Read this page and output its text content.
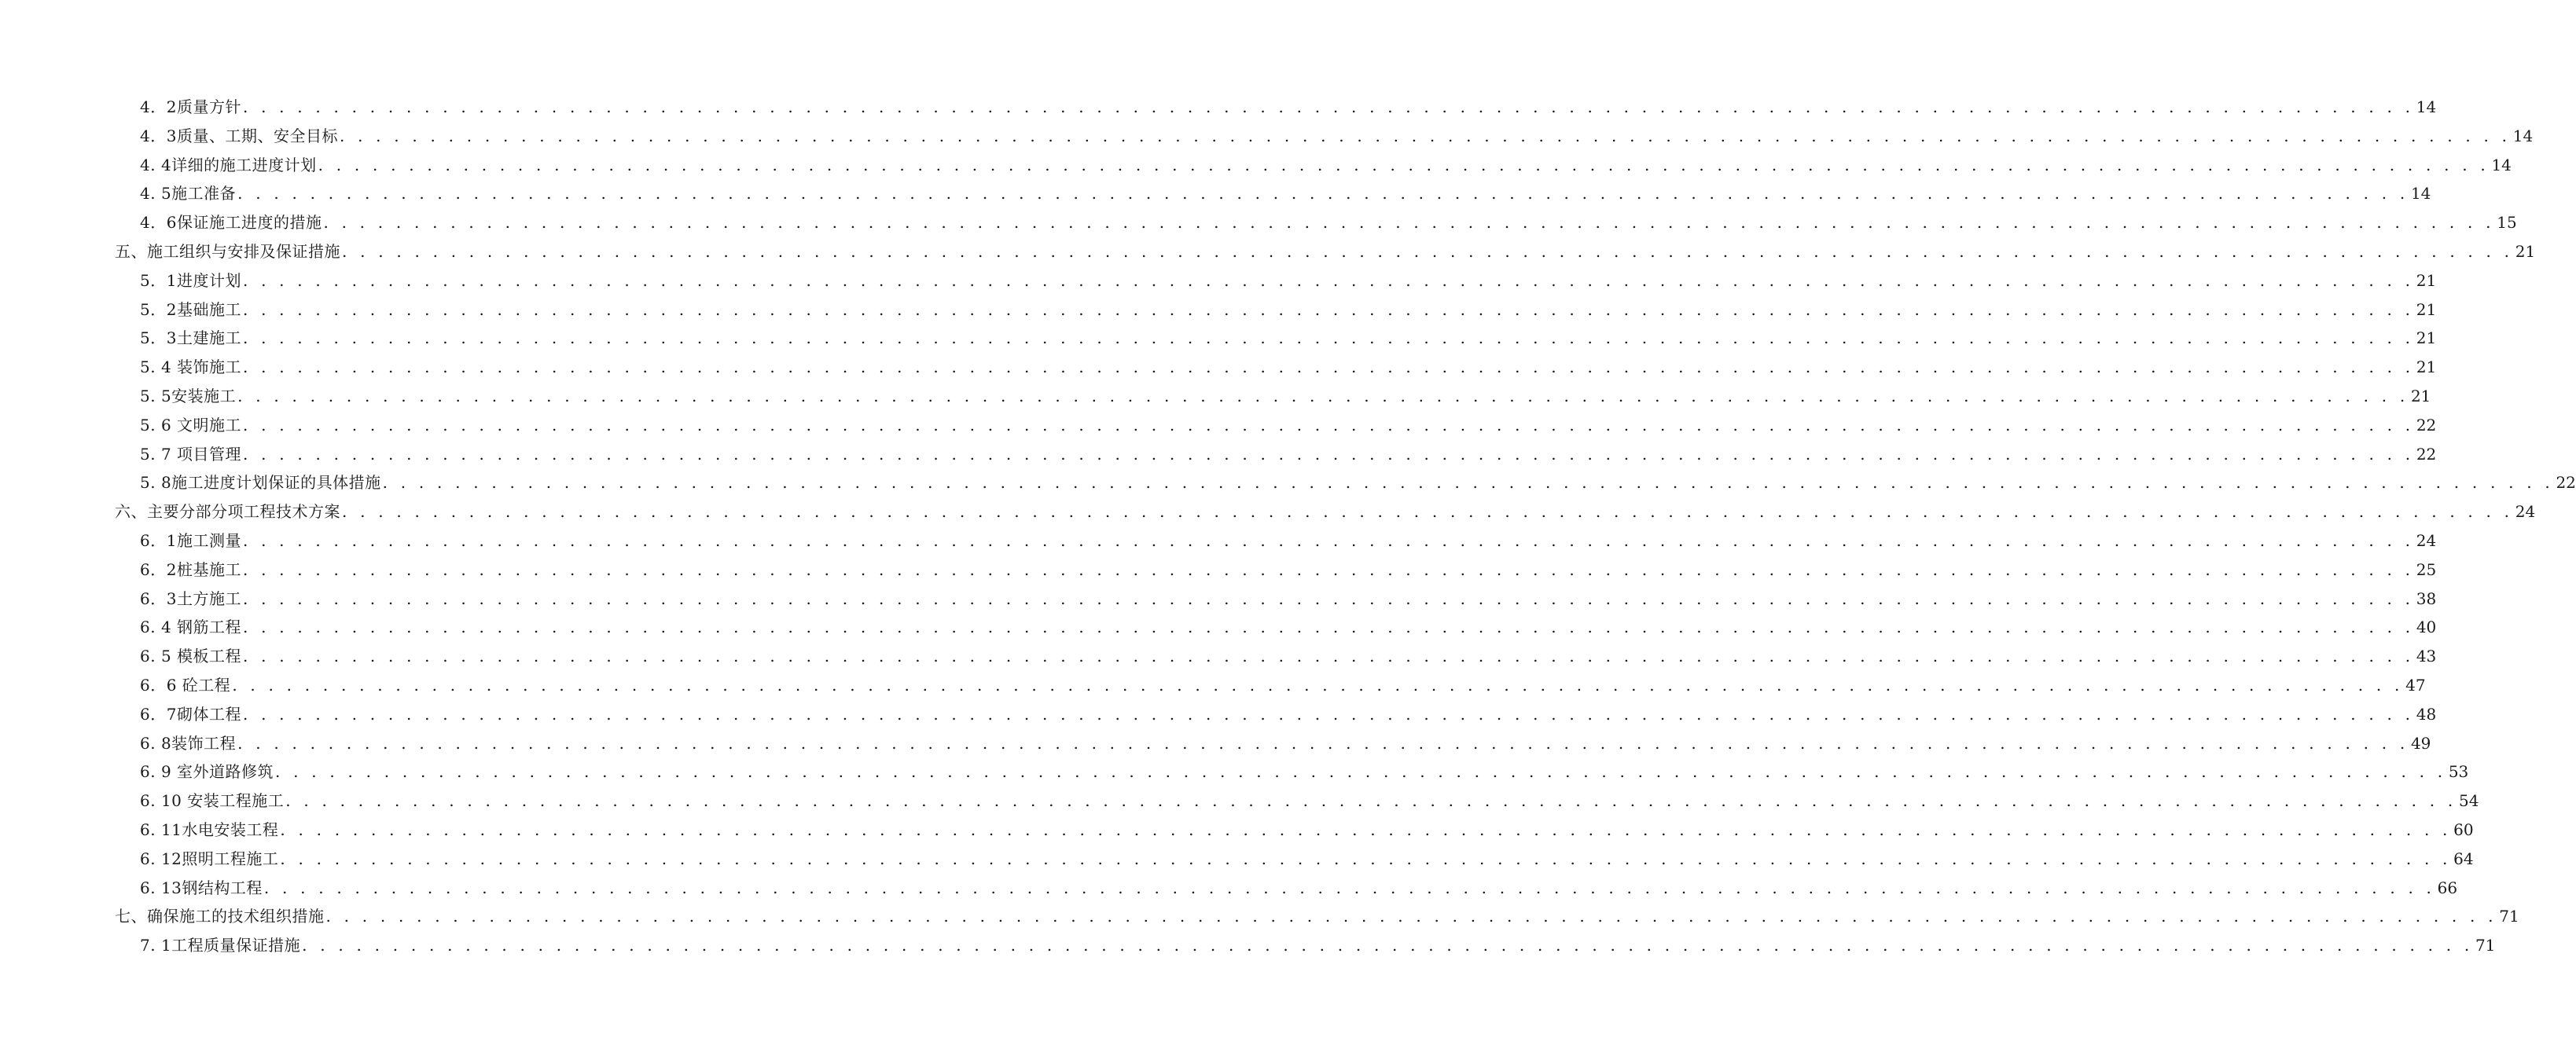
4．2质量方针 . . . . . . . . . . . . . . . . . . . . . . . . . . . . . . . . . . . . . . . . . . . . . . . . . . . . . . . . . . . . . . . . . . . . . . . . . . . . . . . . . . . . . . . . . . . . . . . . . . . . . . . . . . . . . . . . . . . . . . . . 14
4．3质量、工期、安全目标 . . . . . . . . . . . . . . . . . . . . . . . . . . . . . . . . . . . . . . . . . . . . . . . . . . . . . . . . . . . . . . . . . . . . . . . . . . . . . . . . . . . . . . . . . . . . . . . . . . . . . . . . . . . . . . . . . . . . . . . . 14
4. 4详细的施工进度计划 . . . . . . . . . . . . . . . . . . . . . . . . . . . . . . . . . . . . . . . . . . . . . . . . . . . . . . . . . . . . . . . . . . . . . . . . . . . . . . . . . . . . . . . . . . . . . . . . . . . . . . . . . . . . . . . . . . . . . . . . 14
4. 5施工准备 . . . . . . . . . . . . . . . . . . . . . . . . . . . . . . . . . . . . . . . . . . . . . . . . . . . . . . . . . . . . . . . . . . . . . . . . . . . . . . . . . . . . . . . . . . . . . . . . . . . . . . . . . . . . . . . . . . . . . . . . 14
4．6保证施工进度的措施 . . . . . . . . . . . . . . . . . . . . . . . . . . . . . . . . . . . . . . . . . . . . . . . . . . . . . . . . . . . . . . . . . . . . . . . . . . . . . . . . . . . . . . . . . . . . . . . . . . . . . . . . . . . . . . . . . . . . . . . . 15
五、施工组织与安排及保证措施 . . . . . . . . . . . . . . . . . . . . . . . . . . . . . . . . . . . . . . . . . . . . . . . . . . . . . . . . . . . . . . . . . . . . . . . . . . . . . . . . . . . . . . . . . . . . . . . . . . . . . . . . . . . . . . . . . . . . . . . . 21
5．1进度计划 . . . . . . . . . . . . . . . . . . . . . . . . . . . . . . . . . . . . . . . . . . . . . . . . . . . . . . . . . . . . . . . . . . . . . . . . . . . . . . . . . . . . . . . . . . . . . . . . . . . . . . . . . . . . . . . . . . . . . . . . 21
5．2基础施工 . . . . . . . . . . . . . . . . . . . . . . . . . . . . . . . . . . . . . . . . . . . . . . . . . . . . . . . . . . . . . . . . . . . . . . . . . . . . . . . . . . . . . . . . . . . . . . . . . . . . . . . . . . . . . . . . . . . . . . . . 21
5．3土建施工 . . . . . . . . . . . . . . . . . . . . . . . . . . . . . . . . . . . . . . . . . . . . . . . . . . . . . . . . . . . . . . . . . . . . . . . . . . . . . . . . . . . . . . . . . . . . . . . . . . . . . . . . . . . . . . . . . . . . . . . . 21
5. 4 装饰施工 . . . . . . . . . . . . . . . . . . . . . . . . . . . . . . . . . . . . . . . . . . . . . . . . . . . . . . . . . . . . . . . . . . . . . . . . . . . . . . . . . . . . . . . . . . . . . . . . . . . . . . . . . . . . . . . . . . . . . . . . 21
5. 5安装施工 . . . . . . . . . . . . . . . . . . . . . . . . . . . . . . . . . . . . . . . . . . . . . . . . . . . . . . . . . . . . . . . . . . . . . . . . . . . . . . . . . . . . . . . . . . . . . . . . . . . . . . . . . . . . . . . . . . . . . . . . 21
5. 6 文明施工 . . . . . . . . . . . . . . . . . . . . . . . . . . . . . . . . . . . . . . . . . . . . . . . . . . . . . . . . . . . . . . . . . . . . . . . . . . . . . . . . . . . . . . . . . . . . . . . . . . . . . . . . . . . . . . . . . . . . . . . . 22
5. 7 项目管理 . . . . . . . . . . . . . . . . . . . . . . . . . . . . . . . . . . . . . . . . . . . . . . . . . . . . . . . . . . . . . . . . . . . . . . . . . . . . . . . . . . . . . . . . . . . . . . . . . . . . . . . . . . . . . . . . . . . . . . . . 22
5. 8施工进度计划保证的具体措施 . . . . . . . . . . . . . . . . . . . . . . . . . . . . . . . . . . . . . . . . . . . . . . . . . . . . . . . . . . . . . . . . . . . . . . . . . . . . . . . . . . . . . . . . . . . . . . . . . . . . . . . . . . . . . . . . . . . . . . . . 22
六、主要分部分项工程技术方案 . . . . . . . . . . . . . . . . . . . . . . . . . . . . . . . . . . . . . . . . . . . . . . . . . . . . . . . . . . . . . . . . . . . . . . . . . . . . . . . . . . . . . . . . . . . . . . . . . . . . . . . . . . . . . . . . . . . . . . . . 24
6．1施工测量 . . . . . . . . . . . . . . . . . . . . . . . . . . . . . . . . . . . . . . . . . . . . . . . . . . . . . . . . . . . . . . . . . . . . . . . . . . . . . . . . . . . . . . . . . . . . . . . . . . . . . . . . . . . . . . . . . . . . . . . . 24
6．2桩基施工 . . . . . . . . . . . . . . . . . . . . . . . . . . . . . . . . . . . . . . . . . . . . . . . . . . . . . . . . . . . . . . . . . . . . . . . . . . . . . . . . . . . . . . . . . . . . . . . . . . . . . . . . . . . . . . . . . . . . . . . . 25
6．3土方施工 . . . . . . . . . . . . . . . . . . . . . . . . . . . . . . . . . . . . . . . . . . . . . . . . . . . . . . . . . . . . . . . . . . . . . . . . . . . . . . . . . . . . . . . . . . . . . . . . . . . . . . . . . . . . . . . . . . . . . . . . 38
6. 4 钢筋工程 . . . . . . . . . . . . . . . . . . . . . . . . . . . . . . . . . . . . . . . . . . . . . . . . . . . . . . . . . . . . . . . . . . . . . . . . . . . . . . . . . . . . . . . . . . . . . . . . . . . . . . . . . . . . . . . . . . . . . . . . 40
6. 5 模板工程 . . . . . . . . . . . . . . . . . . . . . . . . . . . . . . . . . . . . . . . . . . . . . . . . . . . . . . . . . . . . . . . . . . . . . . . . . . . . . . . . . . . . . . . . . . . . . . . . . . . . . . . . . . . . . . . . . . . . . . . . 43
6．6 砼工程 . . . . . . . . . . . . . . . . . . . . . . . . . . . . . . . . . . . . . . . . . . . . . . . . . . . . . . . . . . . . . . . . . . . . . . . . . . . . . . . . . . . . . . . . . . . . . . . . . . . . . . . . . . . . . . . . . . . . . . . . 47
6．7砌体工程 . . . . . . . . . . . . . . . . . . . . . . . . . . . . . . . . . . . . . . . . . . . . . . . . . . . . . . . . . . . . . . . . . . . . . . . . . . . . . . . . . . . . . . . . . . . . . . . . . . . . . . . . . . . . . . . . . . . . . . . . 48
6. 8装饰工程 . . . . . . . . . . . . . . . . . . . . . . . . . . . . . . . . . . . . . . . . . . . . . . . . . . . . . . . . . . . . . . . . . . . . . . . . . . . . . . . . . . . . . . . . . . . . . . . . . . . . . . . . . . . . . . . . . . . . . . . . 49
6. 9 室外道路修筑 . . . . . . . . . . . . . . . . . . . . . . . . . . . . . . . . . . . . . . . . . . . . . . . . . . . . . . . . . . . . . . . . . . . . . . . . . . . . . . . . . . . . . . . . . . . . . . . . . . . . . . . . . . . . . . . . . . . . . . . . 53
6. 10 安装工程施工 . . . . . . . . . . . . . . . . . . . . . . . . . . . . . . . . . . . . . . . . . . . . . . . . . . . . . . . . . . . . . . . . . . . . . . . . . . . . . . . . . . . . . . . . . . . . . . . . . . . . . . . . . . . . . . . . . . . . . . . . 54
6. 11水电安装工程 . . . . . . . . . . . . . . . . . . . . . . . . . . . . . . . . . . . . . . . . . . . . . . . . . . . . . . . . . . . . . . . . . . . . . . . . . . . . . . . . . . . . . . . . . . . . . . . . . . . . . . . . . . . . . . . . . . . . . . . . 60
6. 12照明工程施工 . . . . . . . . . . . . . . . . . . . . . . . . . . . . . . . . . . . . . . . . . . . . . . . . . . . . . . . . . . . . . . . . . . . . . . . . . . . . . . . . . . . . . . . . . . . . . . . . . . . . . . . . . . . . . . . . . . . . . . . . 64
6. 13钢结构工程 . . . . . . . . . . . . . . . . . . . . . . . . . . . . . . . . . . . . . . . . . . . . . . . . . . . . . . . . . . . . . . . . . . . . . . . . . . . . . . . . . . . . . . . . . . . . . . . . . . . . . . . . . . . . . . . . . . . . . . . . 66
七、确保施工的技术组织措施 . . . . . . . . . . . . . . . . . . . . . . . . . . . . . . . . . . . . . . . . . . . . . . . . . . . . . . . . . . . . . . . . . . . . . . . . . . . . . . . . . . . . . . . . . . . . . . . . . . . . . . . . . . . . . . . . . . . . . . . . 71
7. 1工程质量保证措施 . . . . . . . . . . . . . . . . . . . . . . . . . . . . . . . . . . . . . . . . . . . . . . . . . . . . . . . . . . . . . . . . . . . . . . . . . . . . . . . . . . . . . . . . . . . . . . . . . . . . . . . . . . . . . . . . . . . . . . . . 71
